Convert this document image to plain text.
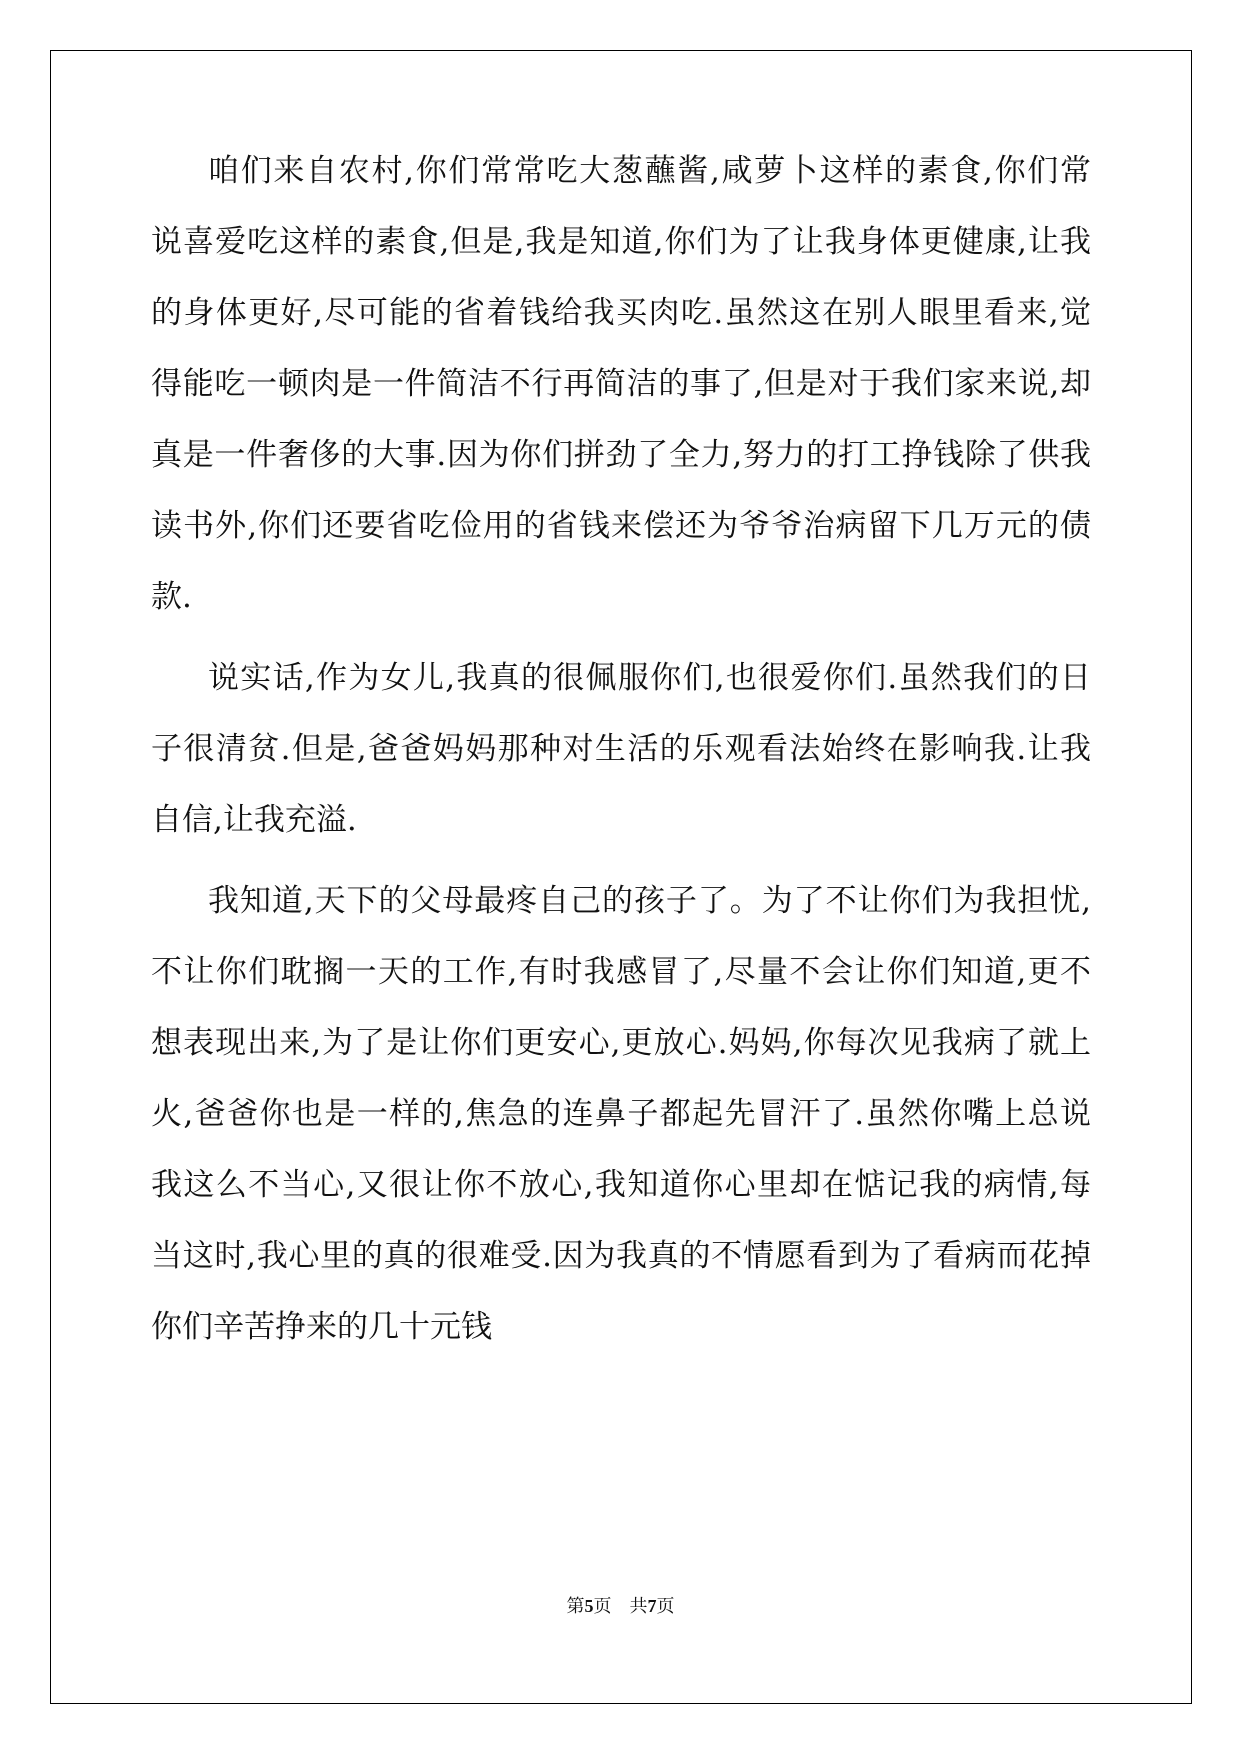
咱们来自农村,你们常常吃大葱蘸酱,咸萝卜这样的素食,你们常
说喜爱吃这样的素食,但是,我是知道,你们为了让我身体更健康,让我
的身体更好,尽可能的省着钱给我买肉吃.虽然这在别人眼里看来,觉
得能吃一顿肉是一件简洁不行再简洁的事了,但是对于我们家来说,却
真是一件奢侈的大事.因为你们拼劲了全力,努力的打工挣钱除了供我
读书外,你们还要省吃俭用的省钱来偿还为爷爷治病留下几万元的债
款.
说实话,作为女儿,我真的很佩服你们,也很爱你们.虽然我们的日
子很清贫.但是,爸爸妈妈那种对生活的乐观看法始终在影响我.让我
自信,让我充溢.
我知道,天下的父母最疼自己的孩子了。为了不让你们为我担忧,
不让你们耽搁一天的工作,有时我感冒了,尽量不会让你们知道,更不
想表现出来,为了是让你们更安心,更放心.妈妈,你每次见我病了就上
火,爸爸你也是一样的,焦急的连鼻子都起先冒汗了.虽然你嘴上总说
我这么不当心,又很让你不放心,我知道你心里却在惦记我的病情,每
当这时,我心里的真的很难受.因为我真的不情愿看到为了看病而花掉
你们辛苦挣来的几十元钱
第5页 共7页
